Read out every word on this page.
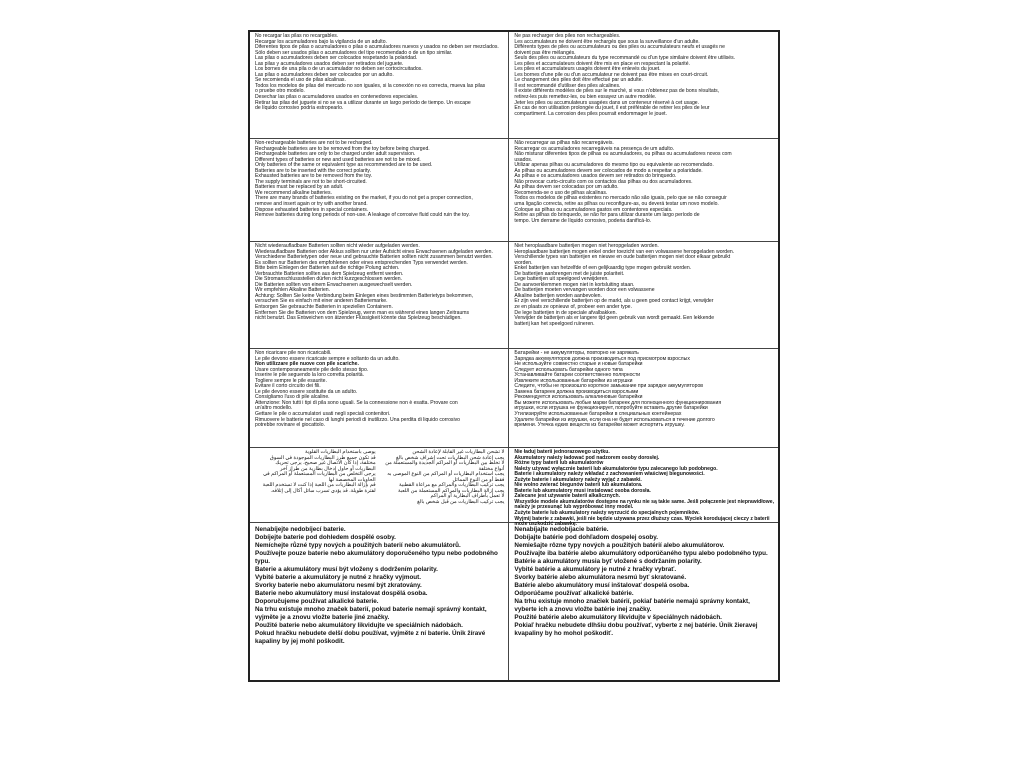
No recargar las pilas no recargables.
Recargar los acumuladores bajo la vigilancia de un adulto.
Diferentes tipos de pilas o acumuladores o pilas o acumuladores nuevos y usados no deben ser mezclados.
Sólo deben ser usados pilas o acumuladores del tipo recomendado o de un tipo similar.
Las pilas o acumuladores deben ser colocados respetando la polaridad.
Las pilas y acumuladores usados deben ser retirados del juguete.
Los bornes de una pila o de un acumulador no deben ser cortocircuitados.
Las pilas o acumuladores deben ser colocados por un adulto.
Se recomienda el uso de pilas alcalinas.
Todos los modelos de pilas del mercado no son iguales, si la conexión no es correcta, mueva las pilas
o pruebe otro modelo.
Desechar las pilas o acumuladores usados en contenedores especiales.
Retirar las pilas del juguete si no se va a utilizar durante un largo período de tiempo. Un escape
de líquido corrosivo podría estropearlo.
Ne pas recharger des piles non rechargeables.
Les accumulateurs ne doivent être rechargés que sous la surveillance d'un adulte.
Différents types de piles ou accumulateurs ou des piles ou accumulateurs neufs et usagés ne
doivent pas être mélangés.
Seuls des piles ou accumulateurs du type recommandé ou d'un type similaire doivent être utilisés.
Les piles et accumulateurs doivent être mis en place en respectant la polarité.
Les piles et accumulateurs usagés doivent être enlevés du jouet.
Les bornes d'une pile ou d'un accumulateur ne doivent pas être mises en court-circuit.
Le changement des piles doit être effectué par un adulte.
Il est recommandé d'utiliser des piles alcalines.
Il existe différents modèles de piles sur le marché, si vous n'obtenez pas de bons résultats,
retirez-les puis remettez-les, ou bien essayez un autre modèle.
Jeter les piles ou accumulateurs usagées dans un conteneur réservé à cet usage.
En cas de non utilisation prolongée du jouet, il est préférable de retirer les piles de leur
compartiment. La corrosion des piles pourrait endommager le jouet.
Non-rechargeable batteries are not to be recharged.
Rechargeable batteries are to be removed from the toy before being charged.
Rechargeable batteries are only to be charged under adult supervision.
Different types of batteries or new and used batteries are not to be mixed.
Only batteries of the same or equivalent type as recommended are to be used.
Batteries are to be inserted with the correct polarity.
Exhausted batteries are to be removed from the toy.
The supply terminals are not to be short-circuited.
Batteries must be replaced by an adult.
We recommend alkaline batteries.
There are many brands of batteries existing on the market, if you do not get a proper connection,
remove and insert again or try with another brand.
Dispose exhausted batteries in special containers.
Remove batteries during long periods of non-use. A leakage of corrosive fluid could ruin the toy.
Não recarregar as pilhas não recarregáveis.
Recarregar os acumuladores recarregáveis na presença de um adulto.
Não misturar diferentes tipos de pilhas ou acumuladores, ou pilhas ou acumuladores novos com
usados.
Utilizar apenas pilhas ou acumuladores do mesmo tipo ou equivalente ao recomendado.
As pilhas ou acumuladores devem ser colocados de modo a respeitar a polaridade.
As pilhas e os acumuladores usados devem ser retirados do brinquedo.
Não provocar curto-circuito com os contactos das pilhas ou dos acumuladores.
As pilhas devem ser colocadas por um adulto.
Recomenda-se o uso de pilhas alcalinas.
Todos os modelos de pilhas existentes no mercado não são iguais, pelo que se não conseguir
uma ligação correcta, retire as pilhas ou reconfigure-as, ou deverá testar um novo modelo.
Coloque as pilhas ou acumuladores gastos em contentores especiais.
Retire as pilhas do brinquedo, se não for para utilizar durante um largo período de
tempo. Um derrame de líquido corrosivo, poderia danificá-lo.
Nicht wiederaufladbare Batterien sollten nicht wieder aufgeladen werden.
Wiederaufladbare Batterien oder Akkus sollten nur unter Aufsicht eines Erwachsenen aufgeladen werden.
Verschiedene Batterietypen oder neue und gebrauchte Batterien sollten nicht zusammen benutzt werden.
Es sollten nur Batterien des empfohlenen oder eines entsprechenden Typs verwendet werden.
Bitte beim Einlegen der Batterien auf die richtige Polung achten.
Verbrauchte Batterien sollten aus dem Spielzeug entfernt werden.
Die Stromanschlussstellen dürfen nicht kurzgeschlossen werden.
Die Batterien sollten von einem Erwachsenen ausgewechselt werden.
Wir empfehlen Alkaline Batterien.
Achtung: Sollten Sie keine Verbindung beim Einlegen eines bestimmten Batterietyps bekommen,
versuchen Sie es einfach mit einer anderen Batteriemarke.
Entsorgen Sie gebrauchte Batterien in speziellen Containern.
Entfernen Sie die Batterien von dem Spielzeug, wenn man es während eines langen Zeitraums
nicht benutzt. Das Entweichen von ätzender Flüssigkeit könnte das Spielzeug beschädigen.
Niet heroplaadbare batterijen mogen niet heropgeladen worden.
Heroplaadbare batterijen mogen enkel onder toezicht van een volwassene heropgeladen worden.
Verschillende types van batterijen en nieuwe en oude batterijen mogen niet door elkaar gebruikt
worden.
Enkel batterijen van hetzelfde of een gelijkaardig type mogen gebruikt worden.
De batterijen aanbrengen met de juiste polariteit.
Lege batterijen uit speelgoed verwijderen.
De aanvoerklemmen mogen niet in kortsluiting staan.
De batterijen moeten vervangen worden door een volwassene
Alkaline batterijen worden aanbevolen.
Er zijn veel verschillende batterijen op de markt, als u geen goed contact krijgt, verwijder
ze en plaats ze opnieuw of, probeer een ander type.
De lege batterijen in de speciale afvalbakken.
Verwijder de batterijen als er langere tijd geen gebruik van wordt gemaakt. Een lekkende
batterij kan het speelgoed ruïneren.
Non ricaricare pile non ricaricabili.
Le pile devono essere ricaricate sempre e soltanto da un adulto.
Non utilizzare pile nuove con pile scariche.
Usare contemporaneamente pile dello stesso tipo.
Inserire le pile seguendo la loro corretta polarità.
Togliere sempre le pile esaurite.
Evitare il corto circuito dei fili.
Le pile devono essere sostituite da un adulto.
Consigliamo l'uso di pile alcaline.
Attenzione: Non tutti i tipi di pila sono uguali. Se la connessione non è esatta. Provare con
un'altro modello.
Gettare le pile o accumulatori usati negli speciali contenitori.
Rimuovere le batterie nel caso di lunghi periodi di inutilizzo. Una perdita di liquido corrosivo
potrebbe rovinare el giocattolo.
Батарейки - не аккумуляторы, повторно не заряжать
Зарядка аккумуляторов должна производиться под присмотром взрослых
Не используйте совместно старые и новые батарейки
Следует использовать батарейки одного типа
Устанавливайте батареи соответственно полярности
Извлеките использованные батарейки из игрушки
Следите, чтобы не произошло короткое замыкание при зарядке аккумуляторов
Замена батареек должна производиться взрослыми
Рекомендуется использовать алкалиновые батарейки
Вы можете использовать любые марки батареек для полноценного функционирования
игрушки, если игрушка не функционирует, попробуйте вставить другие батарейки
Утилизируйте использованные батарейки в специальных контейнерах
Удалите батарейки из игрушки, если она не будет использоваться в течение долгого
времени. Утечка едких веществ из батарейки может испортить игрушку.
يوصى باستخدام البطاريات القلوية
قد تكون جميع طرز البطاريات الموجودة في السوق مختلفة، إذا كان الاتصال غير صحيح، يرجى تحريك البطاريات أو حاول إدخال بطارية من طراز آخر
يرجى التخلص من البطاريات المستعملة أو المراكم في الحاويات المخصصة لها
قم بإزالة البطاريات من اللعبة إذا كنت لا تستخدم اللعبة لفترة طويلة. قد يؤدي تسرب سائل أكال إلى إتلافه.
لا تشحن البطاريات غير القابلة لإعادة الشحن
يجب إعادة شحن البطاريات تحت إشراف شخص بالغ
لا تخلط بين البطاريات أو المراكم الجديدة والمستعملة من أنواع مختلفة
يجب استخدام البطاريات أو المراكم من النوع الموصى به فقط أو من النوع المماثل
يجب تركيب البطاريات والمراكم مع مراعاة القطبية
يجب إزالة البطاريات والمراكم المستعملة من اللعبة
لا تعمل بأطراف البطارية أو المراكم
يجب تركيب البطاريات من قبل شخص بالغ
Nie ładuj baterii jednorazowego użytku.
Akumulatory należy ładować pod nadzorem osoby dorosłej.
Różne typy baterii lub akumulatorów
Należy używać wyłącznie baterii lub akumulatorów typu zalecanego lub podobnego.
Baterie i akumulatory należy wkładać z zachowaniem właściwej biegunowości.
Zużyte baterie i akumulatory należy wyjąć z zabawki.
Nie wolno zwierać biegunów baterii lub akumulatora.
Baterie lub akumulatory musi instalować osoba dorosła.
Zalecane jest używanie baterii alkalicznych.
Wszystkie modele akumulatorów dostępne na rynku nie są takie same. Jeśli połączenie jest nieprawidłowe,
należy je przesunąć lub wypróbować inny model.
Zużyte baterie lub akumulatory należy wyrzucić do specjalnych pojemników.
Wyjmij baterie z zabawki, jeśli nie będzie używana przez dłuższy czas. Wyciek korodującej cieczy z baterii
może uszkodzić zabawkę.
Nenabíjejte nedobíjecí baterie.
Dobíjejte baterie pod dohledem dospělé osoby.
Nemíchejte různé typy nových a použitých baterií nebo akumulátorů.
Používejte pouze baterie nebo akumulátory doporučeného typu nebo podobného typu.
Baterie a akumulátory musí být vloženy s dodržením polarity.
Vybité baterie a akumulátory je nutné z hračky vyjmout.
Svorky baterie nebo akumulátoru nesmí být zkratovány.
Baterie nebo akumulátory musí instalovat dospělá osoba.
Doporučujeme používat alkalické baterie.
Na trhu existuje mnoho značek baterií, pokud baterie nemají správný kontakt, vyjměte je a znovu vložte baterie jiné značky.
Použité baterie nebo akumulátory likvidujte ve speciálních nádobách.
Pokud hračku nebudete delší dobu používat, vyjměte z ní baterie. Únik žíravé kapaliny by jej mohl poškodit.
Nenabíjajte nedobíjacie batérie.
Dobíjajte batérie pod dohľadom dospelej osoby.
Nemiešajte rôzne typy nových a použitých batérií alebo akumulátorov.
Používajte iba batérie alebo akumulátory odporúčaného typu alebo podobného typu.
Batérie a akumulátory musia byť vložené s dodržaním polarity.
Vybité batérie a akumulátory je nutné z hračky vybrať.
Svorky batérie alebo akumulátora nesmú byť skratované.
Batérie alebo akumulátory musí inštalovať dospelá osoba.
Odporúčame používať alkalické batérie.
Na trhu existuje mnoho značiek batérií, pokiaľ batérie nemajú správny kontakt, vyberte ich a znovu vložte batérie inej značky.
Použité batérie alebo akumulátory likvidujte v špeciálnych nádobách.
Pokiaľ hračku nebudete dlhšiu dobu používať, vyberte z nej batérie. Únik žieravej kvapaliny by ho mohol poškodiť.
